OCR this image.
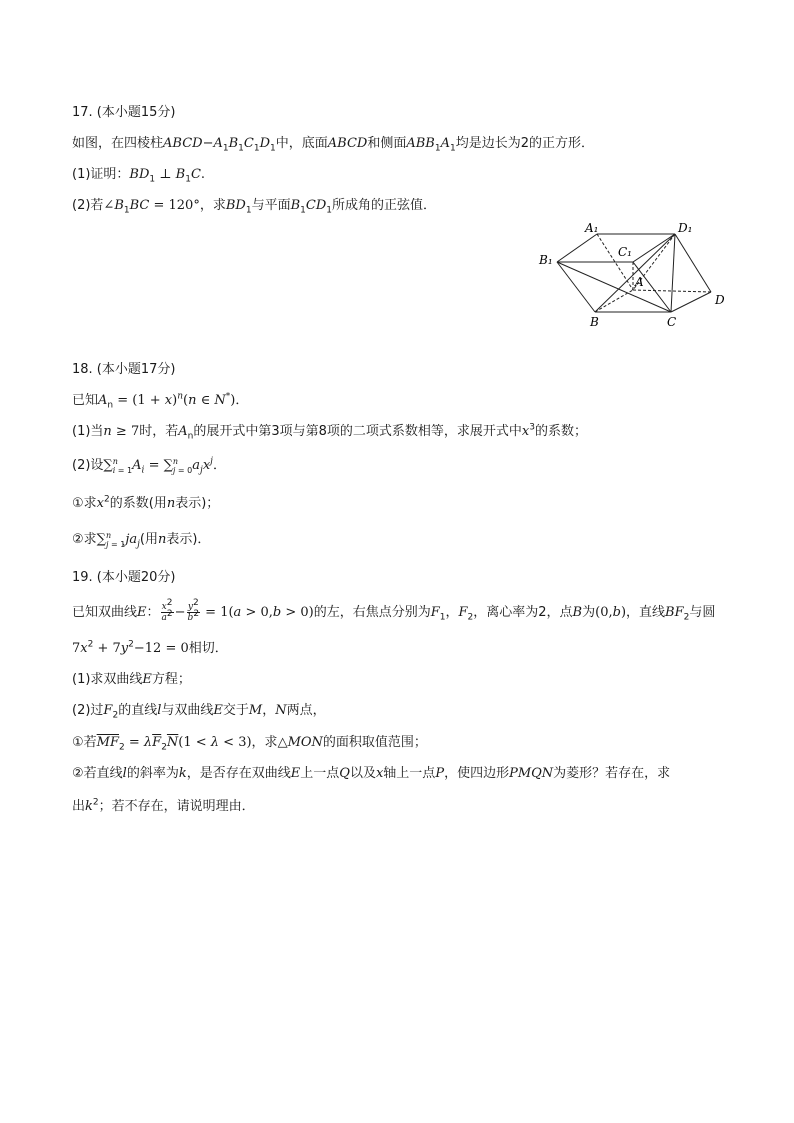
17. (本小题15分)
如图，在四棱柱$ABCD-A_1B_1C_1D_1$中，底面ABCD和侧面$ABB_1A_1$均是边长为2的正方形．
(1)证明：$BD_1$ ⊥ $B_1C$.
(2)若$\angle B_1BC = 120^\circ$，求$BD_1$与平面$B_1CD_1$所成角的正弦值．
A₁	D₁
C₁
B₁
A
D
B	C
18. (本小题17分)
已知$A_n = (1 + x)^n(n$ ∈ N*)．
(1)当n ≥ 7时，若$A_n$的展开式中第3项与第8项的二项式系数相等，求展开式中$x^3$的系数；
(2)设∑n
$i = 1A_i = \sum n$
$j = 0a_jx^j$．
①求$x^2$的系数(用n表示)；
②求∑n
$j = 1ja_j$(用n表示)．
19. (本小题20分)
已知双曲线E： $\frac{x^2}{a^2} - \frac{y^2}{b^2} = 1(a > 0,b > 0)$的左，右焦点分别为$F_1$，$F_2$，离心率为2，点B为(0,b)，直线$BF_2$与圆
$7x^2 + 7y^2-12 = 0$相切．
(1)求双曲线E方程；
(2)过$F_2$的直线l与双曲线E交于M，N两点，
①若$\overline{MF}_2 = \lambda\overline{F}_2\overline{N}(1 < \lambda < 3)$，求△MON的面积取值范围；
②若直线l的斜率为k，是否存在双曲线E上一点Q以及x轴上一点P，使四边形PMQN为菱形？若存在，求
出$k^2$；若不存在，请说明理由．
